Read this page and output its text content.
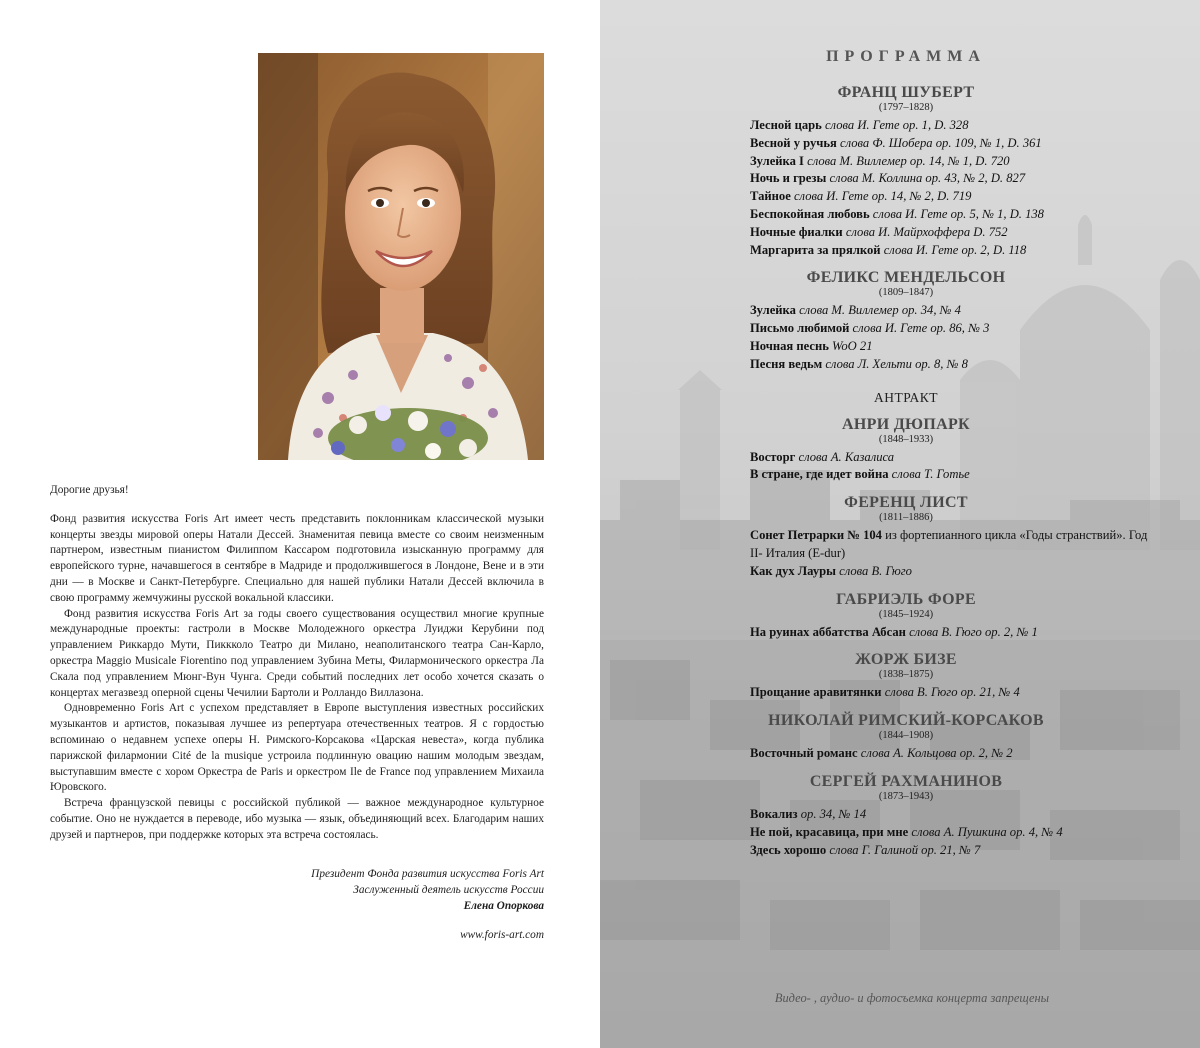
Дорогие друзья!

Фонд развития искусства Foris Art имеет честь представить поклонникам классической музыки концерты звезды мировой оперы Натали Дессей. Знаменитая певица вместе со своим неизменным партнером, известным пианистом Филиппом Кассаром подготовила изысканную программу для европейского турне, начавшегося в сентябре в Мадриде и продолжившегося в Лондоне, Вене и в эти дни — в Москве и Санкт-Петербурге. Специально для нашей публики Натали Дессей включила в свою программу жемчужины русской вокальной классики.

Фонд развития искусства Foris Art за годы своего существования осуществил многие крупные международные проекты: гастроли в Москве Молодежного оркестра Луиджи Керубини под управлением Риккардо Мути, Пиккколо Театро ди Милано, неаполитанского театра Сан-Карло, оркестра Maggio Musicale Fiorentino под управлением Зубина Меты, Филармонического оркестра Ла Скала под управлением Мюнг-Вун Чунга. Среди событий последних лет особо хочется сказать о концертах мегазвезд оперной сцены Чечилии Бартоли и Ролландо Виллазона.

Одновременно Foris Art с успехом представляет в Европе выступления известных российских музыкантов и артистов, показывая лучшее из репертуара отечественных театров. Я с гордостью вспоминаю о недавнем успехе оперы Н. Римского-Корсакова «Царская невеста», когда публика парижской филармонии Cité de la musique устроила подлинную овацию нашим молодым звездам, выступавшим вместе с хором Оркестра de Paris и оркестром Ile de France под управлением Михаила Юровского.

Встреча французской певицы с российской публикой — важное международное культурное событие. Оно не нуждается в переводе, ибо музыка — язык, объединяющий всех. Благодарим наших друзей и партнеров, при поддержке которых эта встреча состоялась.

Президент Фонда развития искусства Foris Art
Заслуженный деятель искусств России
Елена Опоркова
www.foris-art.com
ПРОГРАММА
ФРАНЦ ШУБЕРТ
(1797–1828)
Лесной царь слова И. Гете ор. 1, D. 328
Весной у ручья слова Ф. Шобера ор. 109, № 1, D. 361
Зулейка I слова М. Виллемер ор. 14, № 1, D. 720
Ночь и грезы слова М. Коллина ор. 43, № 2, D. 827
Тайное слова И. Гете ор. 14, № 2, D. 719
Беспокойная любовь слова И. Гете ор. 5, № 1, D. 138
Ночные фиалки слова И. Майрхоффера D. 752
Маргарита за прялкой слова И. Гете ор. 2, D. 118
ФЕЛИКС МЕНДЕЛЬСОН
(1809–1847)
Зулейка слова М. Виллемер ор. 34, № 4
Письмо любимой слова И. Гете ор. 86, № 3
Ночная песнь WoO 21
Песня ведьм слова Л. Хельти ор. 8, № 8
АНТРАКТ
АНРИ ДЮПАРК
(1848–1933)
Восторг слова А. Казалиса
В стране, где идет война слова Т. Готье
ФЕРЕНЦ ЛИСТ
(1811–1886)
Сонет Петрарки № 104 из фортепианного цикла «Годы странствий». Год II- Италия (E-dur)
Как дух Лауры слова В. Гюго
ГАБРИЭЛЬ ФОРЕ
(1845–1924)
На руинах аббатства Абсан слова В. Гюго ор. 2, № 1
ЖОРЖ БИЗЕ
(1838–1875)
Прощание аравитянки слова В. Гюго ор. 21, № 4
НИКОЛАЙ РИМСКИЙ-КОРСАКОВ
(1844–1908)
Восточный романс слова А. Кольцова ор. 2, № 2
СЕРГЕЙ РАХМАНИНОВ
(1873–1943)
Вокализ ор. 34, № 14
Не пой, красавица, при мне слова А. Пушкина ор. 4, № 4
Здесь хорошо слова Г. Галиной ор. 21, № 7
Видео- , аудио- и фотосъемка концерта запрещены
